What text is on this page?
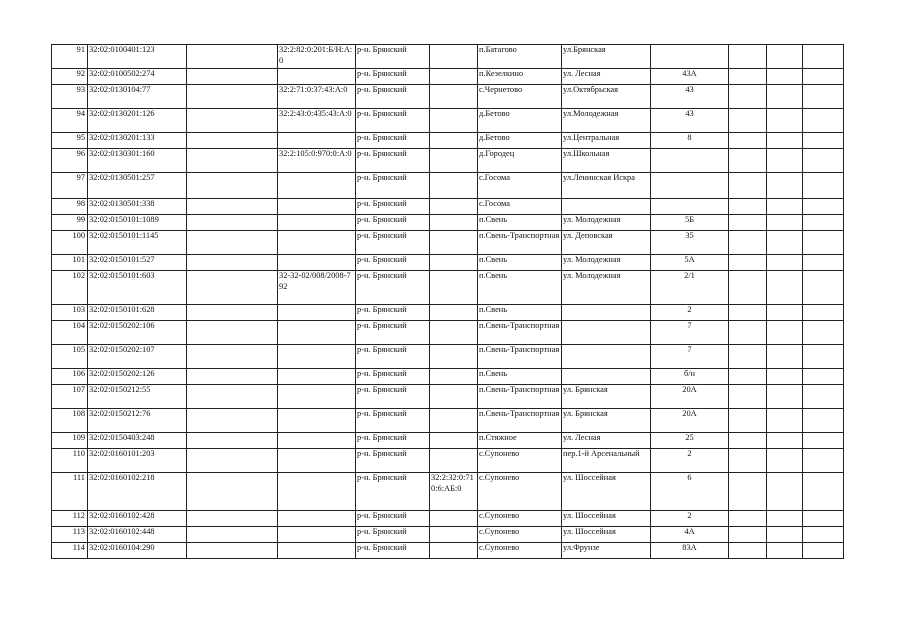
91	32:02:0100401:123		32:2:82:0:201:Б/Н:А:0	р-н. Брянский		п.Батагово	ул.Брянская				
92	32:02:0100502:274			р-н. Брянский		п.Кезелкино	ул. Лесная	43А			
93	32:02:0130104:77		32:2:71:0:37:43:А:0	р-н. Брянский		с.Чернетово	ул.Октябрьская	43			
94	32:02:0130201:126		32:2:43:0:435:43:А:0	р-н. Брянский		д.Бетово	ул.Молодежная	43			
95	32:02:0130201:133			р-н. Брянский		д.Бетово	ул.Центральная	8			
96	32:02:0130301:160		32:2:105:0:970:0:А:0	р-н. Брянский		д.Городец	ул.Школьная				
97	32:02:0130501:257			р-н. Брянский		с.Госома	ул.Ленинская Искра				
98	32:02:0130501:338			р-н. Брянский		с.Госома					
99	32:02:0150101:1089			р-н. Брянский		п.Свень	ул. Молодежная	5Б			
100	32:02:0150101:1145			р-н. Брянский		п.Свень-Транспортная	ул. Деповская	35			
101	32:02:0150101:527			р-н. Брянский		п.Свень	ул. Молодежная	5А			
102	32:02:0150101:603		32-32-02/008/2008-792	р-н. Брянский		п.Свень	ул. Молодежная	2/1			
103	32:02:0150101:628			р-н. Брянский		п.Свень		2			
104	32:02:0150202:106			р-н. Брянский		п.Свень-Транспортная		7			
105	32:02:0150202:107			р-н. Брянский		п.Свень-Транспортная		7			
106	32:02:0150202:126			р-н. Брянский		п.Свень		б/н			
107	32:02:0150212:55			р-н. Брянский		п.Свень-Транспортная	ул. Брянская	20А			
108	32:02:0150212:76			р-н. Брянский		п.Свень-Транспортная	ул. Брянская	20А			
109	32:02:0150403:248			р-н. Брянский		п.Стяжное	ул. Лесная	25			
110	32:02:0160101:203			р-н. Брянский		с.Супонево	пер.1-й Арсенальный	2			
111	32:02:0160102:218			р-н. Брянский	32:2:32:0:710:6:АБ:0	с.Супонево	ул. Шоссейная	6			
112	32:02:0160102:428			р-н. Брянский		с.Супонево	ул. Шоссейная	2			
113	32:02:0160102:448			р-н. Брянский		с.Супонево	ул. Шоссейная	4А			
114	32:02:0160104:290			р-н. Брянский		с.Супонево	ул.Фрунзе	83А			
